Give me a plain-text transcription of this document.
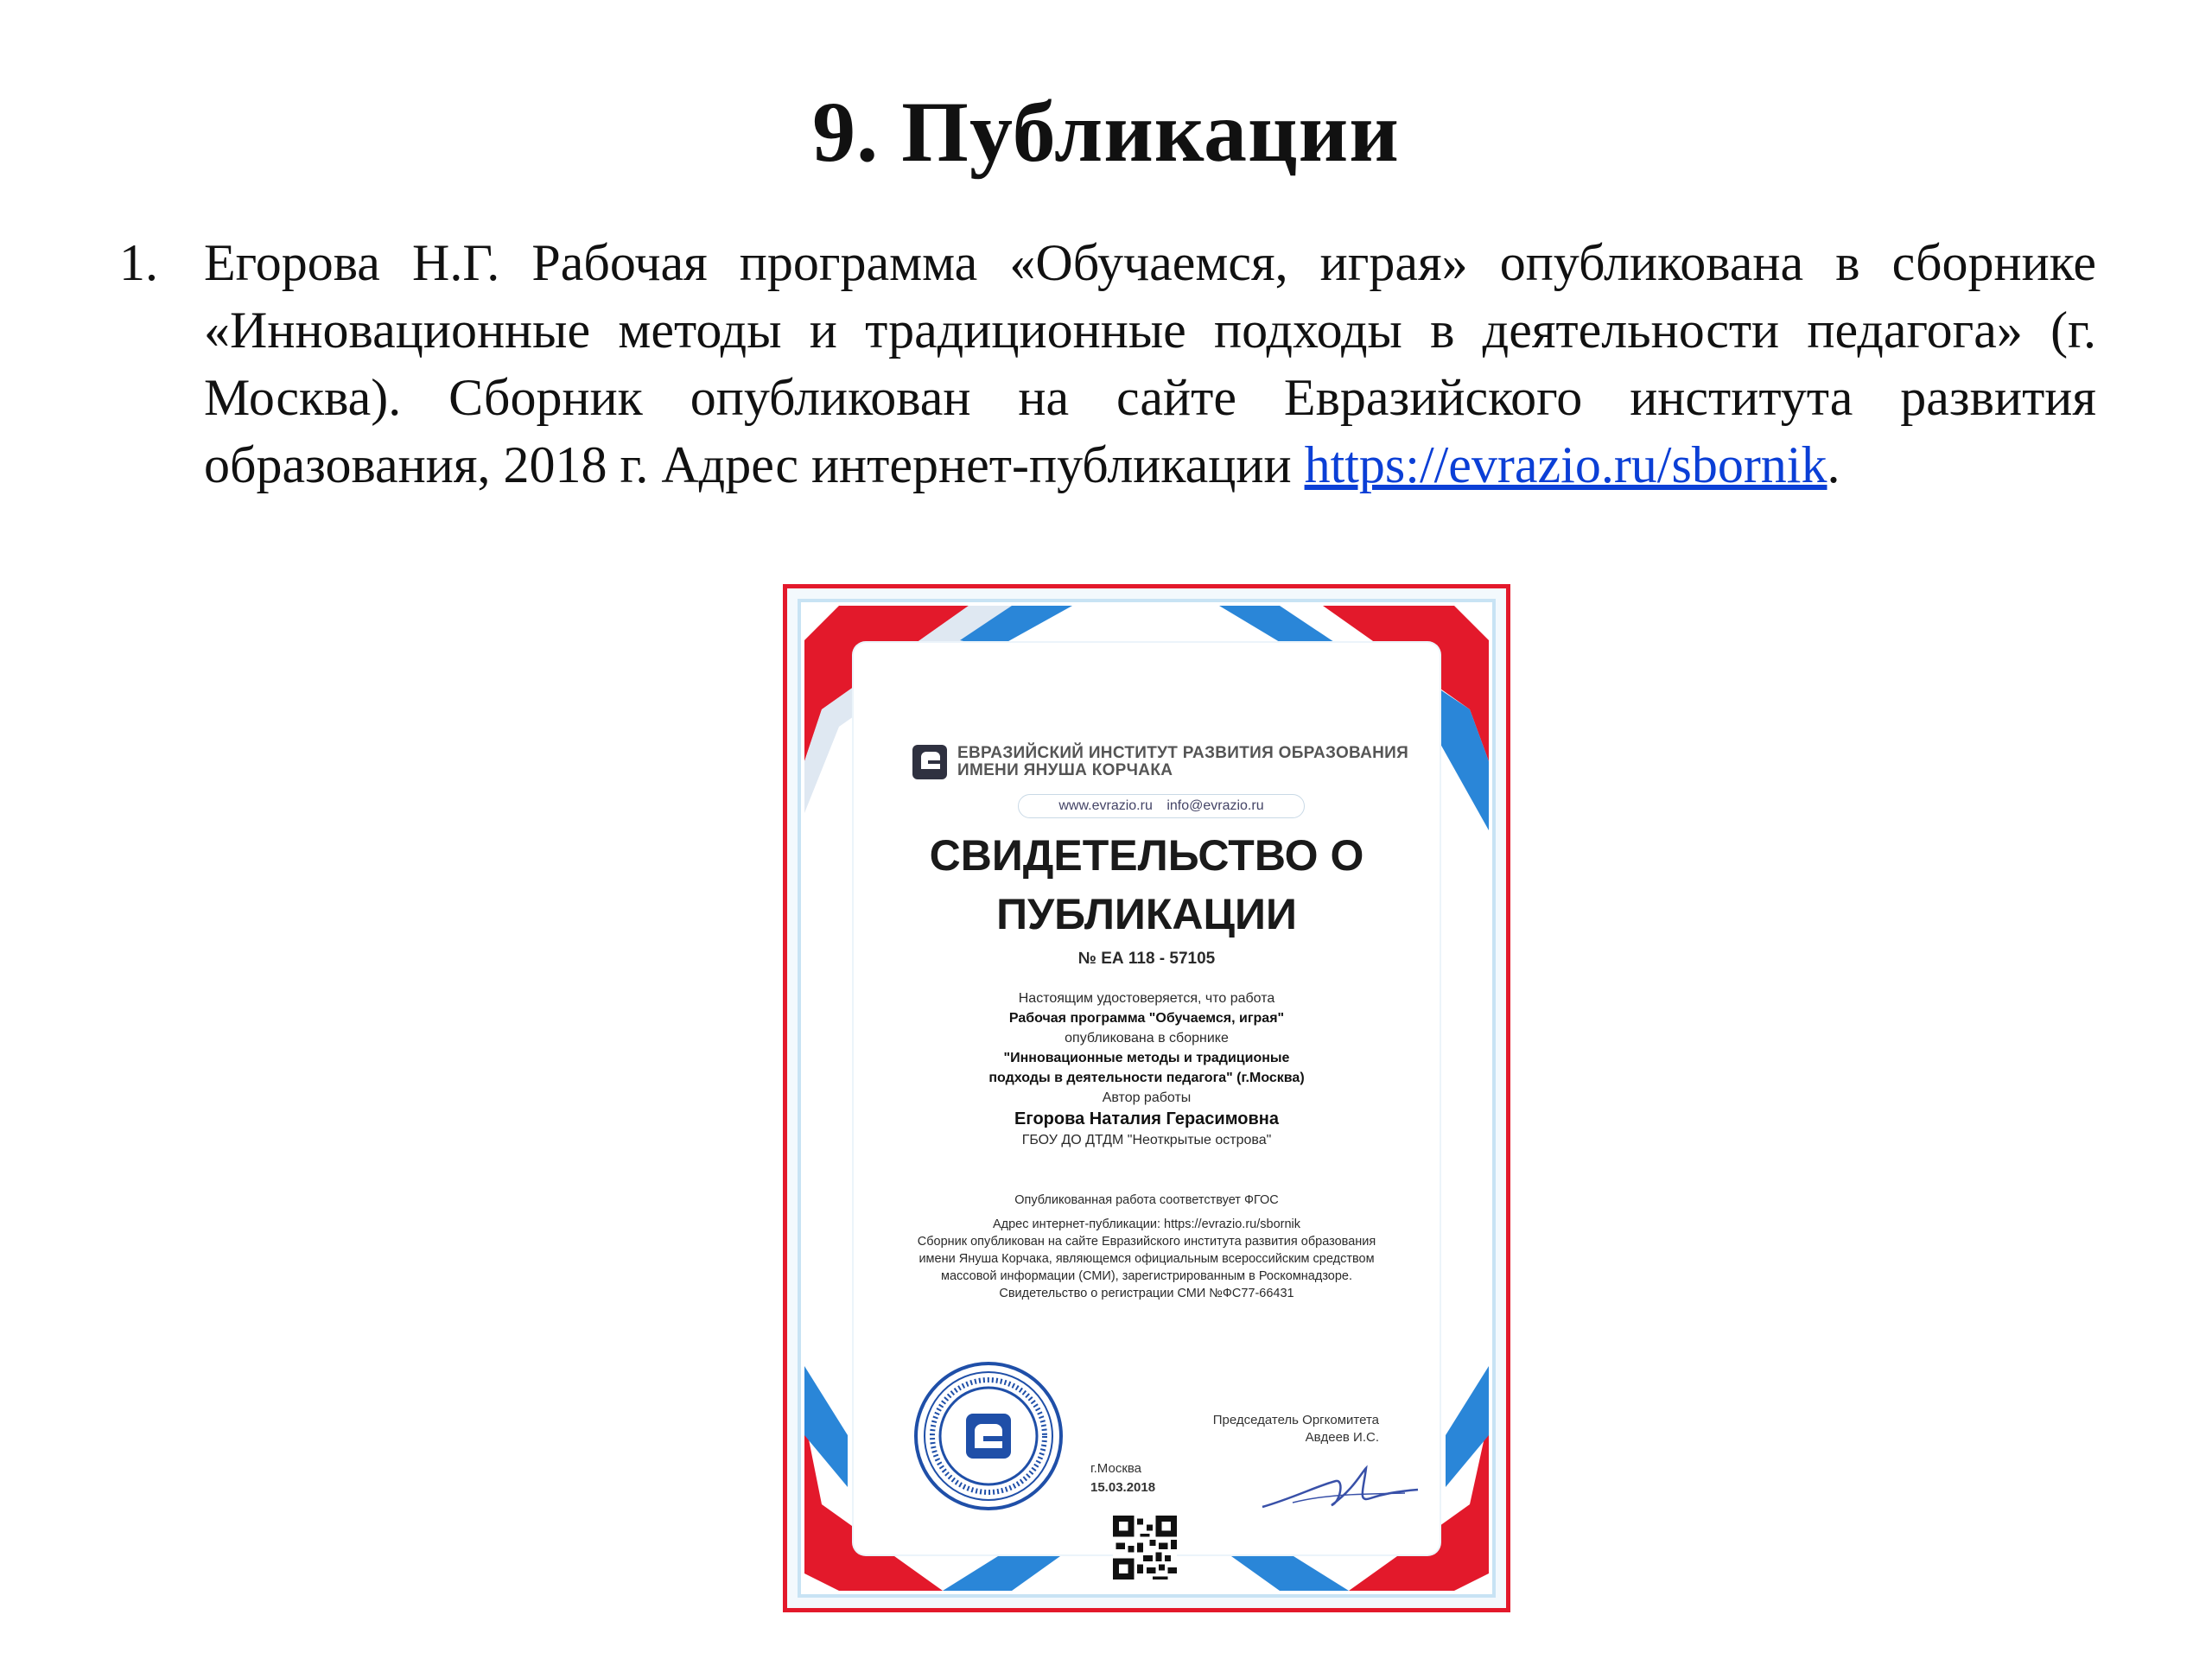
9. Публикации
1. Егорова Н.Г. Рабочая программа «Обучаемся, играя» опубликована в сборнике «Инновационные методы и традиционные подходы в деятельности педагога» (г. Москва). Сборник опубликован на сайте Евразийского института развития образования, 2018 г. Адрес интернет-публикации https://evrazio.ru/sbornik.
ЕВРАЗИЙСКИЙ ИНСТИТУТ РАЗВИТИЯ ОБРАЗОВАНИЯ
ИМЕНИ ЯНУША КОРЧАКА
www.evrazio.ru info@evrazio.ru
СВИДЕТЕЛЬСТВО О
ПУБЛИКАЦИИ
№ ЕА 118 - 57105
Настоящим удостоверяется, что работа
Рабочая программа "Обучаемся, играя"
опубликована в сборнике
"Инновационные методы и традиционые
подходы в деятельности педагога" (г.Москва)
Автор работы
Егорова Наталия Герасимовна
ГБОУ ДО ДТДМ "Неоткрытые острова"
Опубликованная работа соответствует ФГОС
Адрес интернет-публикации: https://evrazio.ru/sbornik
Сборник опубликован на сайте Евразийского института развития образования
имени Януша Корчака, являющемся официальным всероссийским средством
массовой информации (СМИ), зарегистрированным в Роскомнадзоре.
Свидетельство о регистрации СМИ №ФС77-66431
г.Москва
15.03.2018
Председатель Оргкомитета
Авдеев И.С.
